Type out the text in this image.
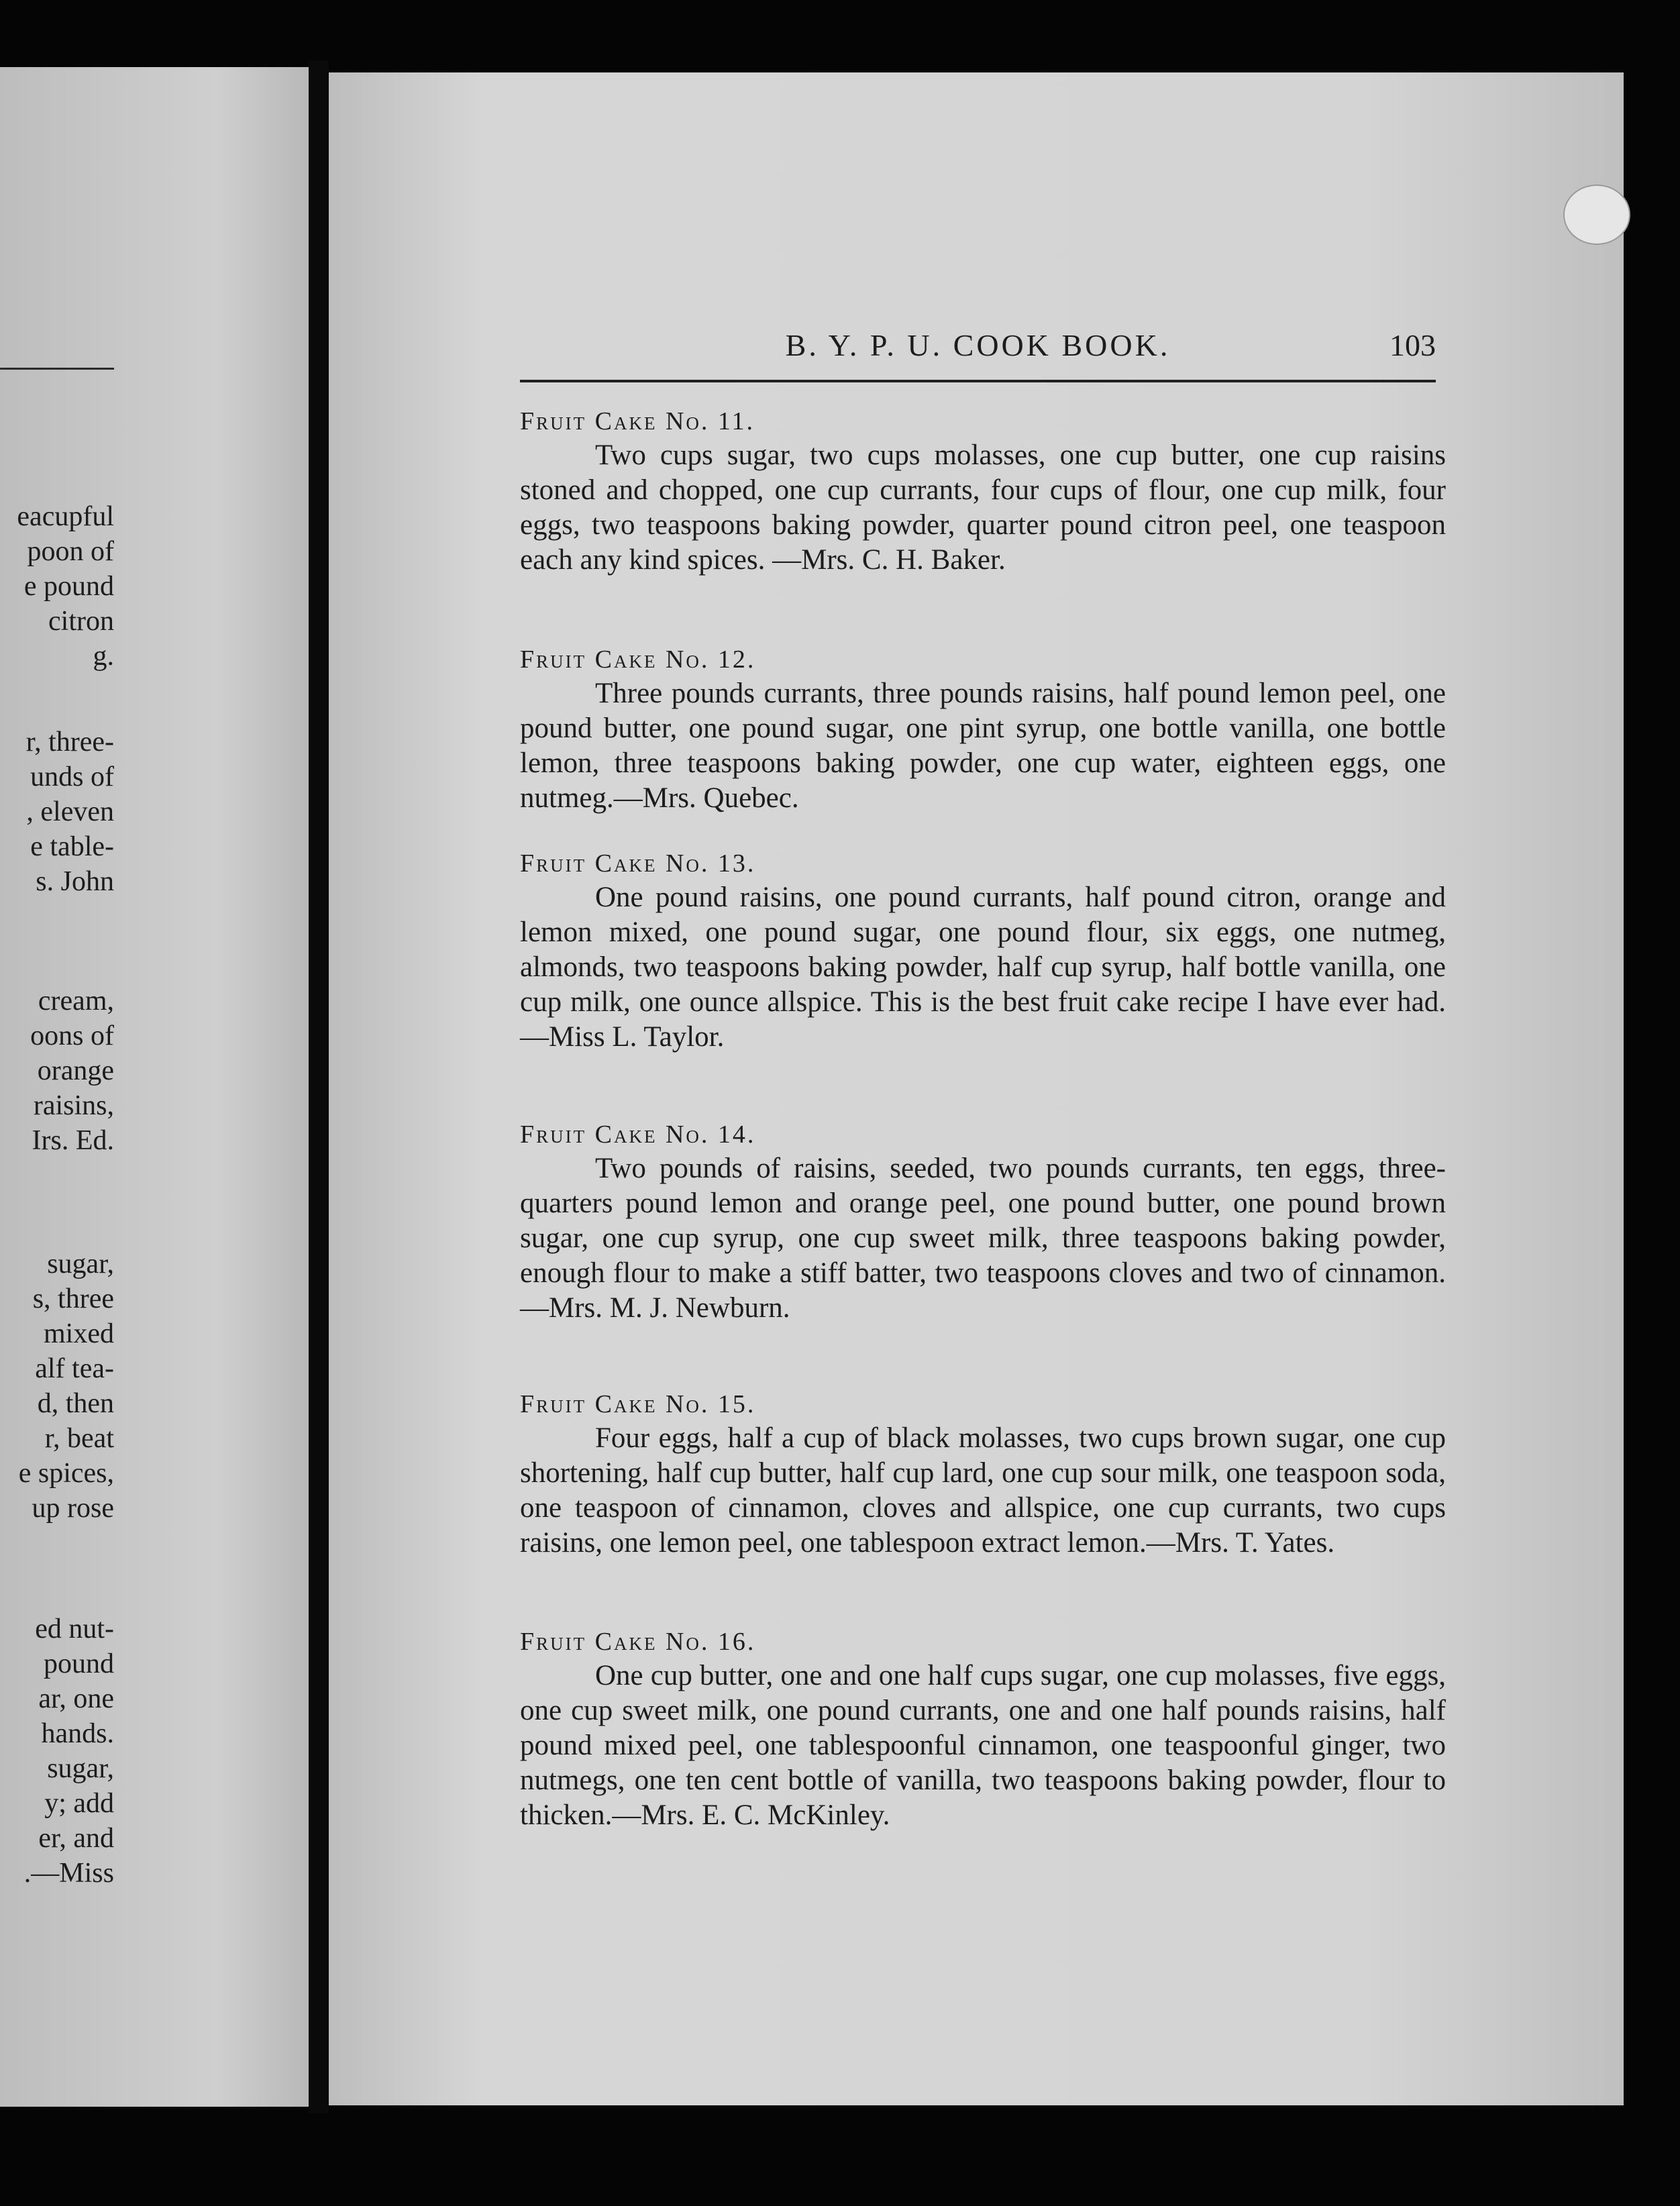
eacupful

poon of

e pound

citron

g.

r, three-

unds of

, eleven

e table-

s. John

cream,

oons of

orange

raisins,

Irs. Ed.

sugar,

s, three

mixed

alf tea-

d, then

r, beat

e spices,

up rose

ed nut-

pound

ar, one

hands.

sugar,

y; add

er, and

.—Miss

B. Y. P. U. COOK BOOK.	103
Fruit Cake No. 11.

Two cups sugar, two cups molasses, one cup butter, one cup raisins stoned and chopped, one cup currants, four cups of flour, one cup milk, four eggs, two teaspoons baking powder, quarter pound citron peel, one teaspoon each any kind spices. —Mrs. C. H. Baker.

Fruit Cake No. 12.

Three pounds currants, three pounds raisins, half pound lemon peel, one pound butter, one pound sugar, one pint syrup, one bottle vanilla, one bottle lemon, three teaspoons baking powder, one cup water, eighteen eggs, one nutmeg.—Mrs. Quebec.

Fruit Cake No. 13.

One pound raisins, one pound currants, half pound citron, orange and lemon mixed, one pound sugar, one pound flour, six eggs, one nutmeg, almonds, two teaspoons baking powder, half cup syrup, half bottle vanilla, one cup milk, one ounce allspice. This is the best fruit cake recipe I have ever had.—Miss L. Taylor.

Fruit Cake No. 14.

Two pounds of raisins, seeded, two pounds currants, ten eggs, three-quarters pound lemon and orange peel, one pound butter, one pound brown sugar, one cup syrup, one cup sweet milk, three teaspoons baking powder, enough flour to make a stiff batter, two teaspoons cloves and two of cinnamon.—Mrs. M. J. Newburn.

Fruit Cake No. 15.

Four eggs, half a cup of black molasses, two cups brown sugar, one cup shortening, half cup butter, half cup lard, one cup sour milk, one teaspoon soda, one teaspoon of cinnamon, cloves and allspice, one cup currants, two cups raisins, one lemon peel, one tablespoon extract lemon.—Mrs. T. Yates.

Fruit Cake No. 16.

One cup butter, one and one half cups sugar, one cup molasses, five eggs, one cup sweet milk, one pound currants, one and one half pounds raisins, half pound mixed peel, one tablespoonful cinnamon, one teaspoonful ginger, two nutmegs, one ten cent bottle of vanilla, two teaspoons baking powder, flour to thicken.—Mrs. E. C. McKinley.
